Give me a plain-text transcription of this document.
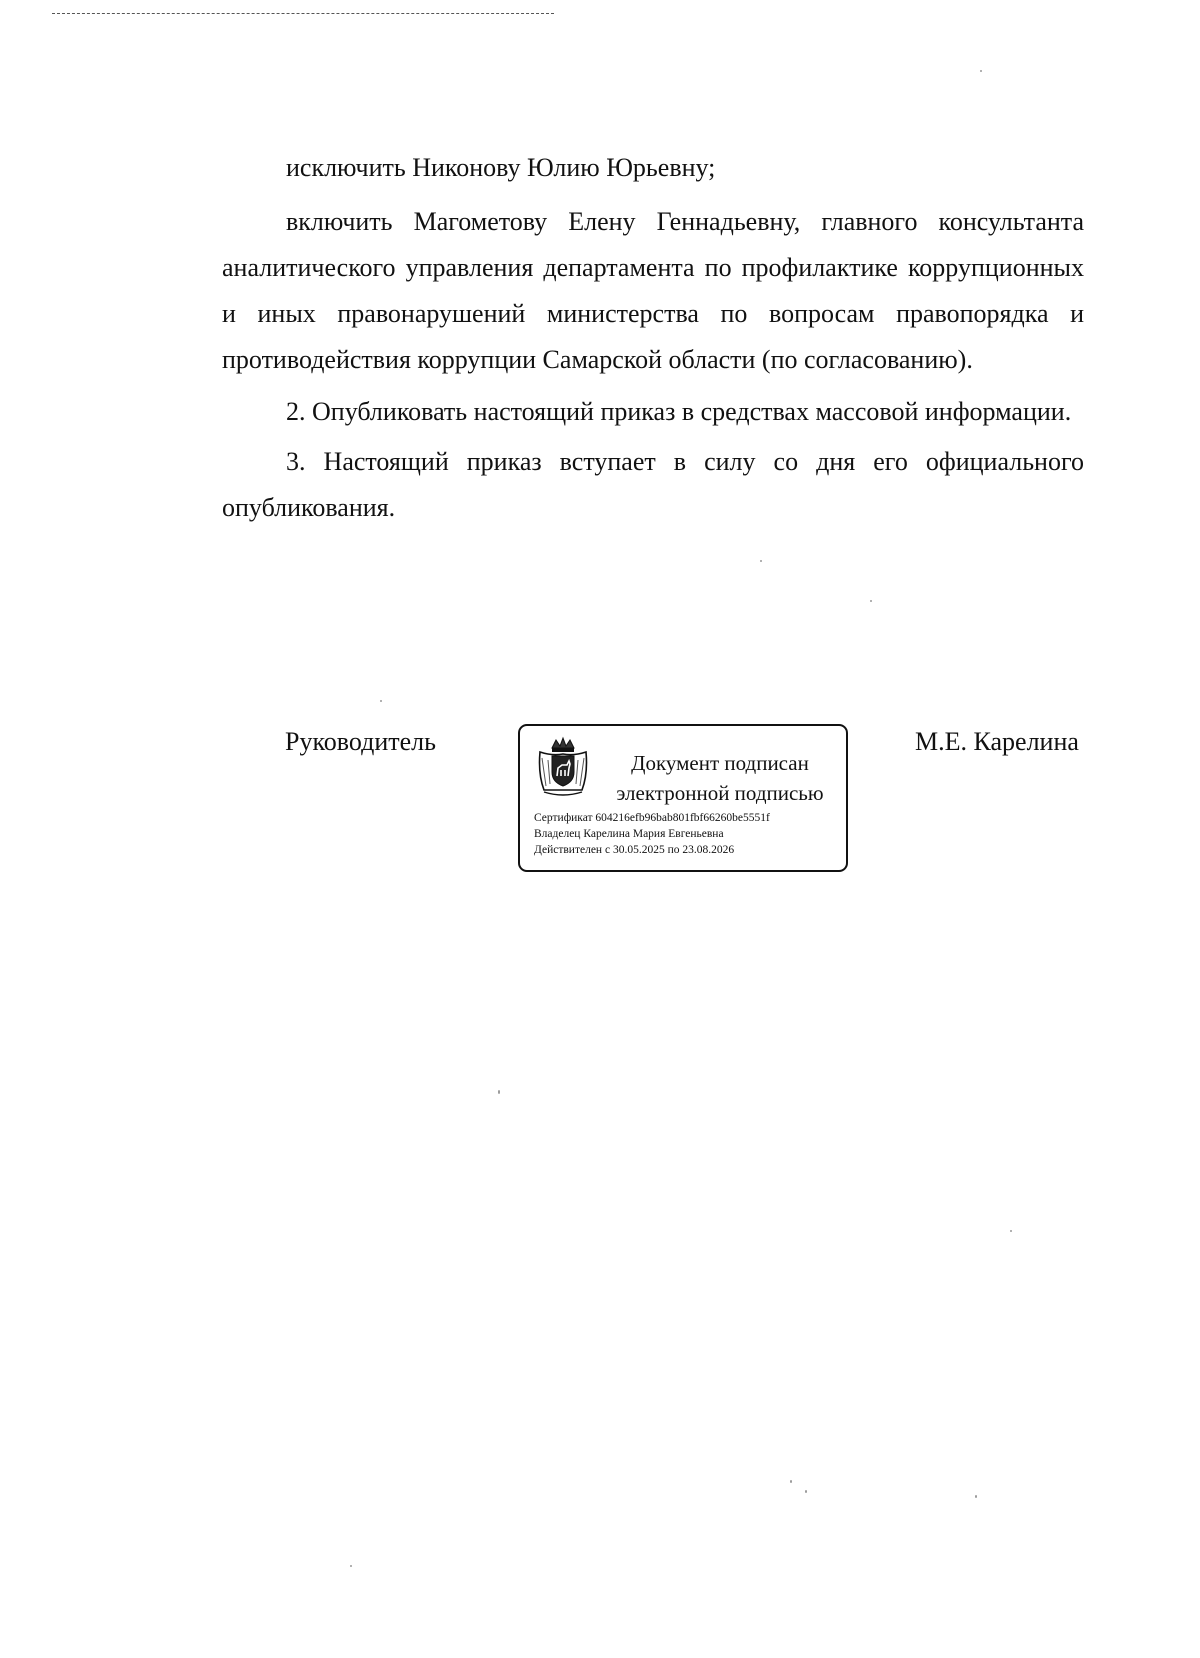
исключить Никонову Юлию Юрьевну;

включить Магометову Елену Геннадьевну, главного консультанта аналитического управления департамента по профилактике коррупционных и иных правонарушений министерства по вопросам правопорядка и противодействия коррупции Самарской области (по согласованию).

2. Опубликовать настоящий приказ в средствах массовой информации.

3. Настоящий приказ вступает в силу со дня его официального опубликования.

Руководитель
Документ подписан
электронной подписью
Сертификат 604216efb96bab801fbf66260be5551f
Владелец Карелина Мария Евгеньевна
Действителен с 30.05.2025 по 23.08.2026
М.Е. Карелина
